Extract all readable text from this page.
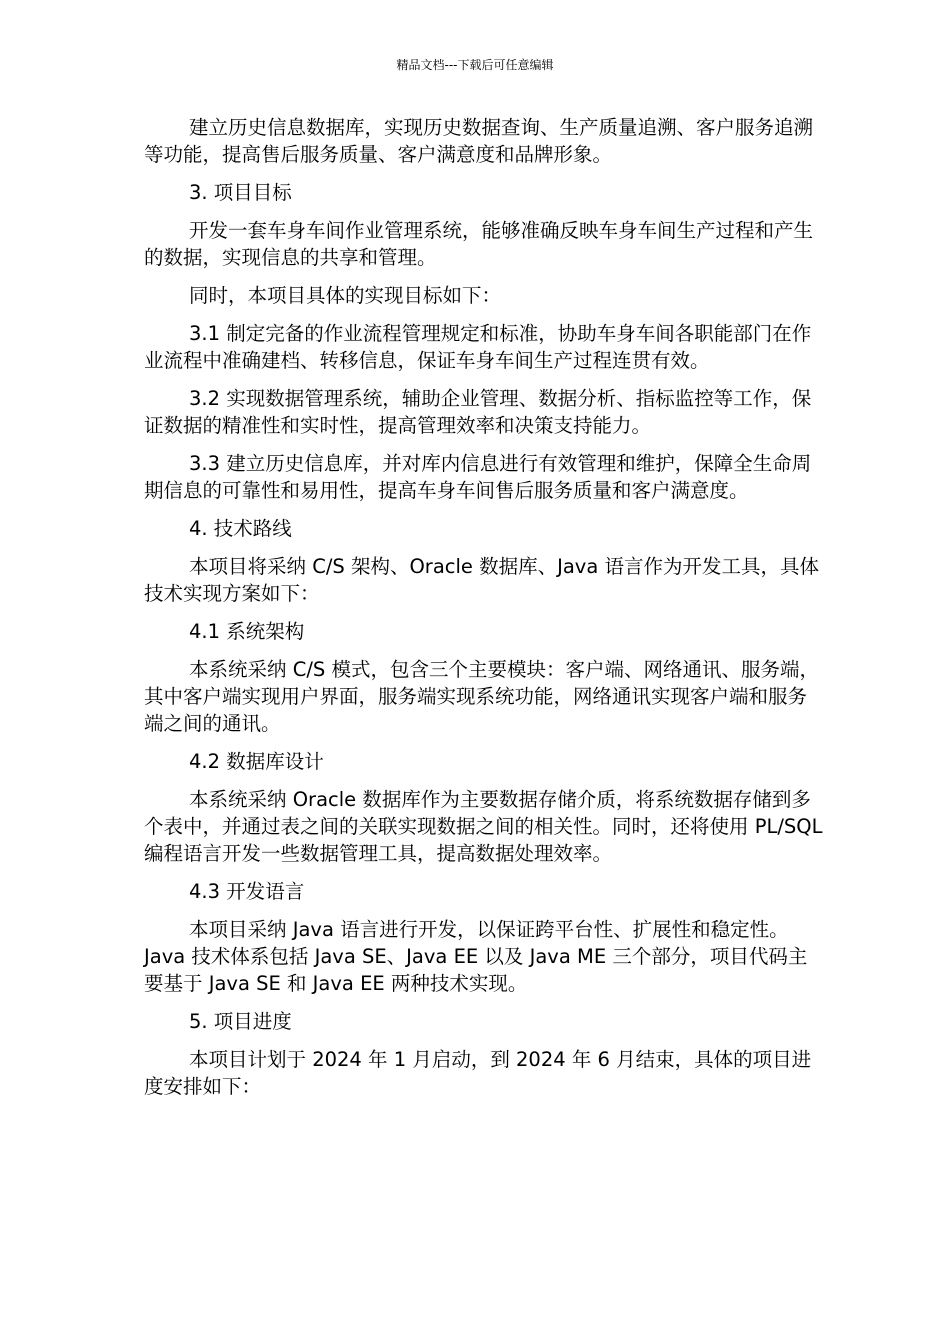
精品文档---下载后可任意编辑

建立历史信息数据库，实现历史数据查询、生产质量追溯、客户服务追溯等功能，提高售后服务质量、客户满意度和品牌形象。

3. 项目目标

开发一套车身车间作业管理系统，能够准确反映车身车间生产过程和产生的数据，实现信息的共享和管理。

同时，本项目具体的实现目标如下：

3.1 制定完备的作业流程管理规定和标准，协助车身车间各职能部门在作业流程中准确建档、转移信息，保证车身车间生产过程连贯有效。

3.2 实现数据管理系统，辅助企业管理、数据分析、指标监控等工作，保证数据的精准性和实时性，提高管理效率和决策支持能力。

3.3 建立历史信息库，并对库内信息进行有效管理和维护，保障全生命周期信息的可靠性和易用性，提高车身车间售后服务质量和客户满意度。

4. 技术路线

本项目将采纳 C/S 架构、Oracle 数据库、Java 语言作为开发工具，具体技术实现方案如下：

4.1 系统架构

本系统采纳 C/S 模式，包含三个主要模块：客户端、网络通讯、服务端，其中客户端实现用户界面，服务端实现系统功能，网络通讯实现客户端和服务端之间的通讯。

4.2 数据库设计

本系统采纳 Oracle 数据库作为主要数据存储介质，将系统数据存储到多个表中，并通过表之间的关联实现数据之间的相关性。同时，还将使用 PL/SQL 编程语言开发一些数据管理工具，提高数据处理效率。

4.3 开发语言

本项目采纳 Java 语言进行开发，以保证跨平台性、扩展性和稳定性。Java 技术体系包括 Java SE、Java EE 以及 Java ME 三个部分，项目代码主要基于 Java SE 和 Java EE 两种技术实现。

5. 项目进度

本项目计划于 2024 年 1 月启动，到 2024 年 6 月结束，具体的项目进度安排如下：
